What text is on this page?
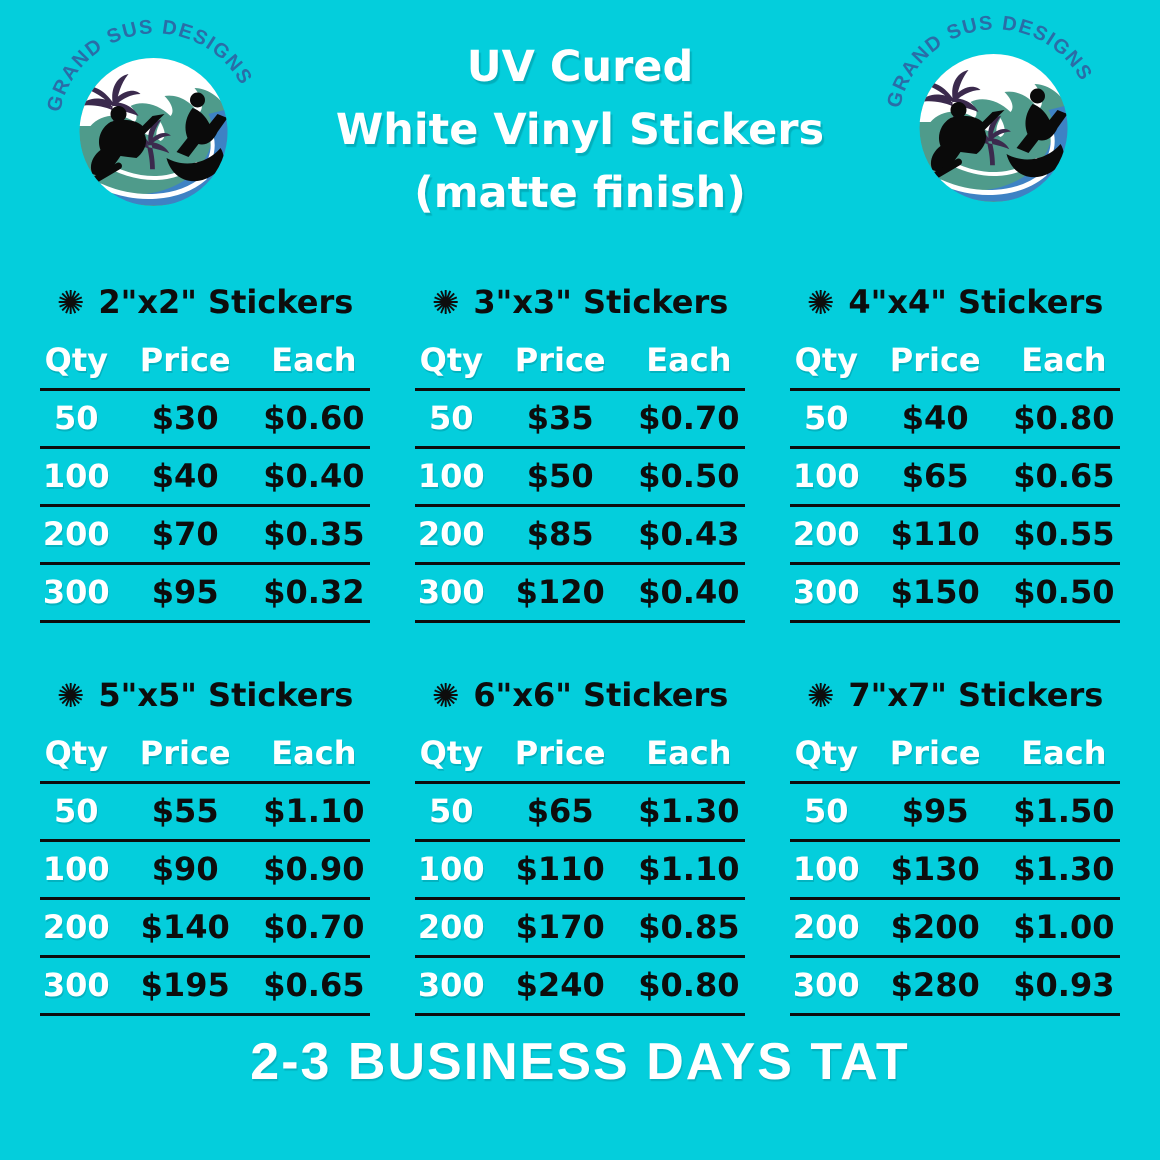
UV Cured
White Vinyl Stickers
(matte finish)
✺ 2"x2" Stickers
Qty Price	Each
50	$30	$0.60
100	$40	$0.40
200	$70	$0.35
300	$95	$0.32
✺ 3"x3" Stickers
Qty Price	Each
50	$35	$0.70
100	$50	$0.50
200	$85	$0.43
300 $120	$0.40
✺ 4"x4" Stickers
Qty Price	Each
50	$40	$0.80
100	$65	$0.65
200 $110	$0.55
300 $150	$0.50
✺ 5"x5" Stickers
Qty Price	Each
50	$55	$1.10
100	$90	$0.90
200 $140	$0.70
300 $195	$0.65
✺ 6"x6" Stickers
Qty Price	Each
50	$65	$1.30
100 $110	$1.10
200 $170	$0.85
300 $240	$0.80
✺ 7"x7" Stickers
Qty Price	Each
50	$95	$1.50
100 $130	$1.30
200 $200	$1.00
300 $280	$0.93
2-3 BUSINESS DAYS TAT
